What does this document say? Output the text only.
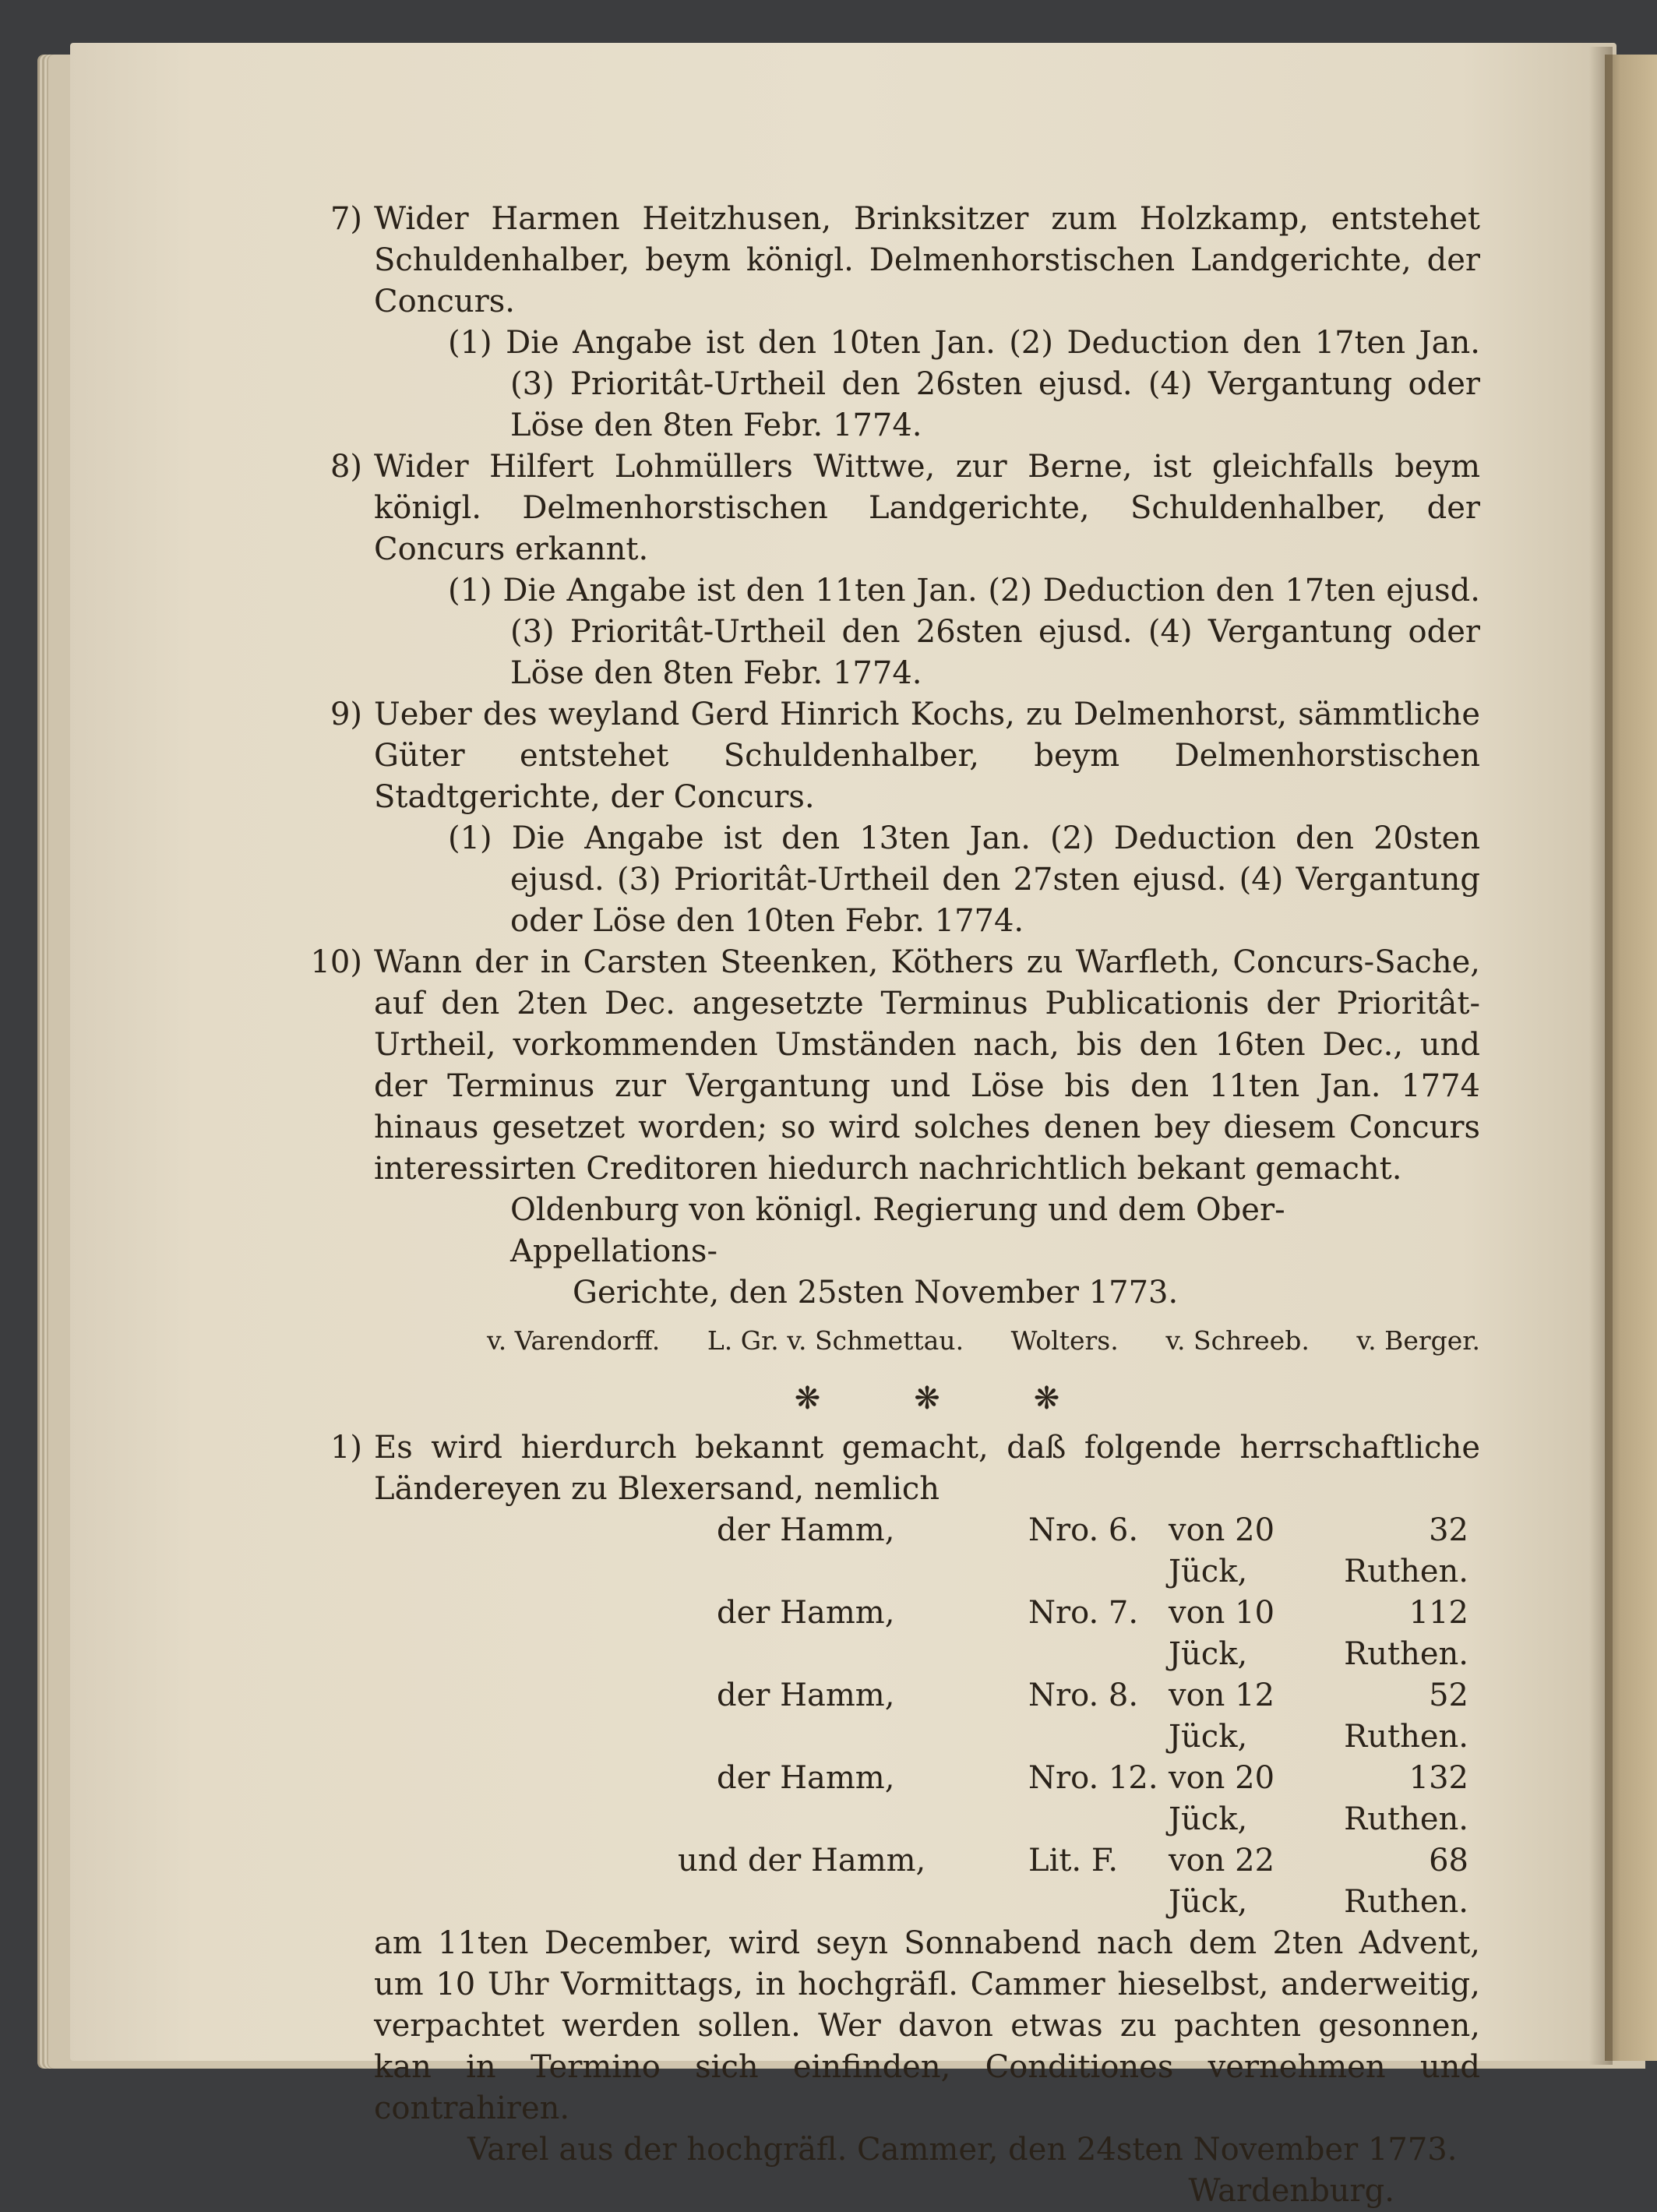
7) Wider Harmen Heitzhusen, Brinksitzer zum Holzkamp, entstehet Schuldenhalber, beym königl. Delmenhorstischen Landgerichte, der Concurs.
(1) Die Angabe ist den 10ten Jan. (2) Deduction den 17ten Jan. (3) Prioritât-Urtheil den 26sten ejusd. (4) Vergantung oder Löse den 8ten Febr. 1774.
8) Wider Hilfert Lohmüllers Wittwe, zur Berne, ist gleichfalls beym königl. Delmenhorstischen Landgerichte, Schuldenhalber, der Concurs erkannt.
(1) Die Angabe ist den 11ten Jan. (2) Deduction den 17ten ejusd. (3) Prioritât-Urtheil den 26sten ejusd. (4) Vergantung oder Löse den 8ten Febr. 1774.
9) Ueber des weyland Gerd Hinrich Kochs, zu Delmenhorst, sämmtliche Güter entstehet Schuldenhalber, beym Delmenhorstischen Stadtgerichte, der Concurs.
(1) Die Angabe ist den 13ten Jan. (2) Deduction den 20sten ejusd. (3) Prioritât-Urtheil den 27sten ejusd. (4) Vergantung oder Löse den 10ten Febr. 1774.
10) Wann der in Carsten Steenken, Köthers zu Warfleth, Concurs-Sache, auf den 2ten Dec. angesetzte Terminus Publicationis der Prioritât-Urtheil, vorkommenden Umständen nach, bis den 16ten Dec., und der Terminus zur Vergantung und Löse bis den 11ten Jan. 1774 hinaus gesetzet worden; so wird solches denen bey diesem Concurs interessirten Creditoren hiedurch nachrichtlich bekant gemacht.
Oldenburg von königl. Regierung und dem Ober-Appellations-
Gerichte, den 25sten November 1773.
v. Varendorff. L. Gr. v. Schmettau. Wolters. v. Schreeb. v. Berger.
❋	❋	❋
1) Es wird hierdurch bekannt gemacht, daß folgende herrschaftliche Ländereyen zu Blexersand, nemlich
der Hamm,	Nro. 6. von 20 Jück,
32 Ruthen.
der Hamm,	Nro. 7. von 10 Jück,
112 Ruthen.
der Hamm,	Nro. 8. von 12 Jück,
52 Ruthen.
der Hamm,	Nro. 12. von 20 Jück,
132 Ruthen.
und der Hamm,	Lit. F.	von 22 Jück,
68 Ruthen.
am 11ten December, wird seyn Sonnabend nach dem 2ten Advent, um 10 Uhr Vormittags, in hochgräfl. Cammer hieselbst, anderweitig, verpachtet werden sollen. Wer davon etwas zu pachten gesonnen, kan in Termino sich einfinden, Conditiones vernehmen und contrahiren.
Varel aus der hochgräfl. Cammer, den 24sten November 1773.
Wardenburg.
